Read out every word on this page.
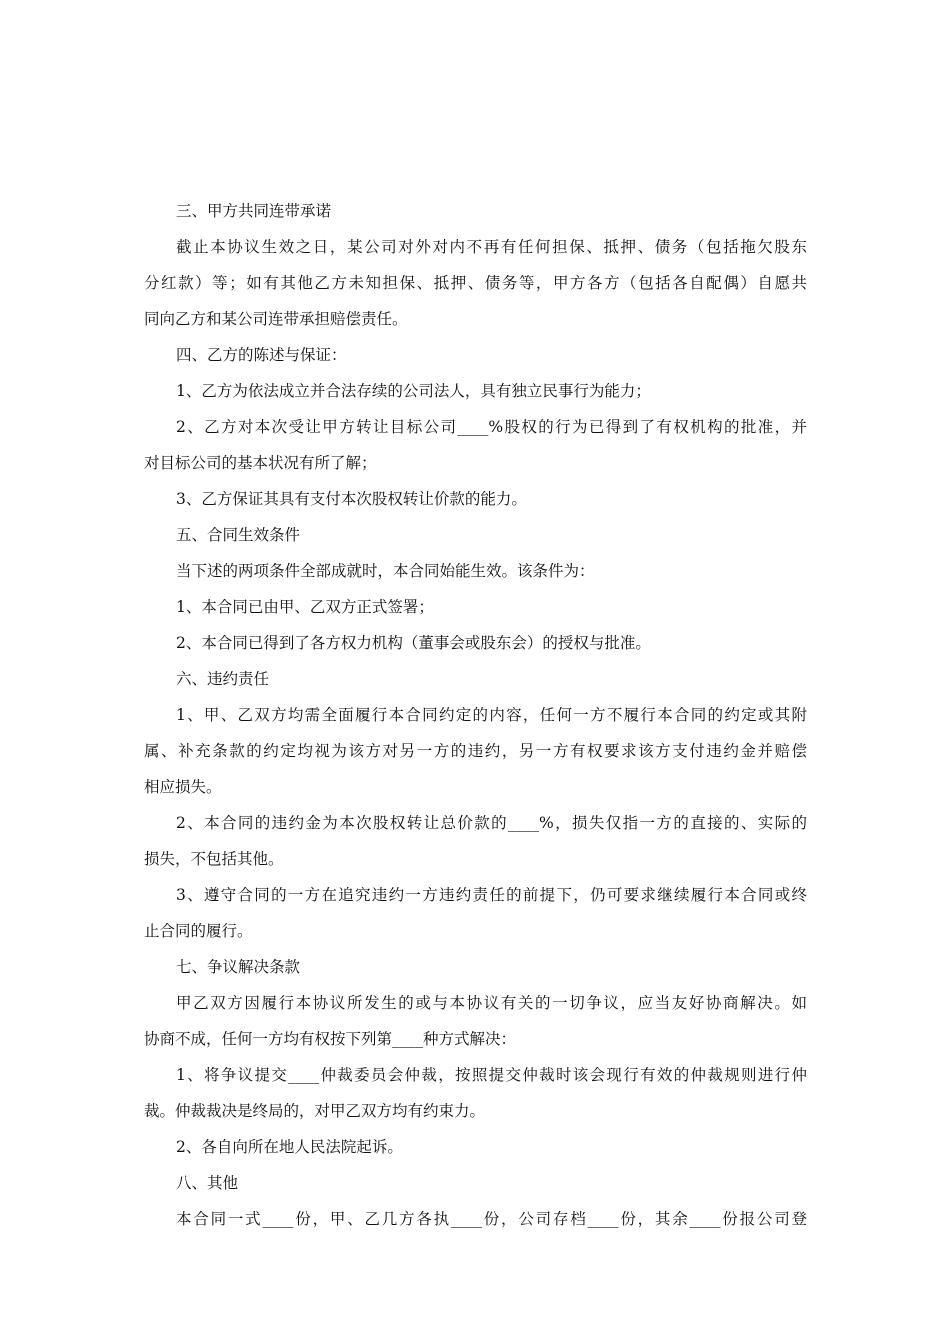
三、甲方共同连带承诺
截止本协议生效之日，某公司对外对内不再有任何担保、抵押、债务（包括拖欠股东
分红款）等；如有其他乙方未知担保、抵押、债务等，甲方各方（包括各自配偶）自愿共
同向乙方和某公司连带承担赔偿责任。
四、乙方的陈述与保证：
1、乙方为依法成立并合法存续的公司法人，具有独立民事行为能力；
2、乙方对本次受让甲方转让目标公司____%股权的行为已得到了有权机构的批准，并
对目标公司的基本状况有所了解；
3、乙方保证其具有支付本次股权转让价款的能力。
五、合同生效条件
当下述的两项条件全部成就时，本合同始能生效。该条件为：
1、本合同已由甲、乙双方正式签署；
2、本合同已得到了各方权力机构（董事会或股东会）的授权与批准。
六、违约责任
1、甲、乙双方均需全面履行本合同约定的内容，任何一方不履行本合同的约定或其附
属、补充条款的约定均视为该方对另一方的违约，另一方有权要求该方支付违约金并赔偿
相应损失。
2、本合同的违约金为本次股权转让总价款的____%，损失仅指一方的直接的、实际的
损失，不包括其他。
3、遵守合同的一方在追究违约一方违约责任的前提下，仍可要求继续履行本合同或终
止合同的履行。
七、争议解决条款
甲乙双方因履行本协议所发生的或与本协议有关的一切争议，应当友好协商解决。如
协商不成，任何一方均有权按下列第____种方式解决：
1、将争议提交____仲裁委员会仲裁，按照提交仲裁时该会现行有效的仲裁规则进行仲
裁。仲裁裁决是终局的，对甲乙双方均有约束力。
2、各自向所在地人民法院起诉。
八、其他
本合同一式____份，甲、乙几方各执____份，公司存档____份，其余____份报公司登
